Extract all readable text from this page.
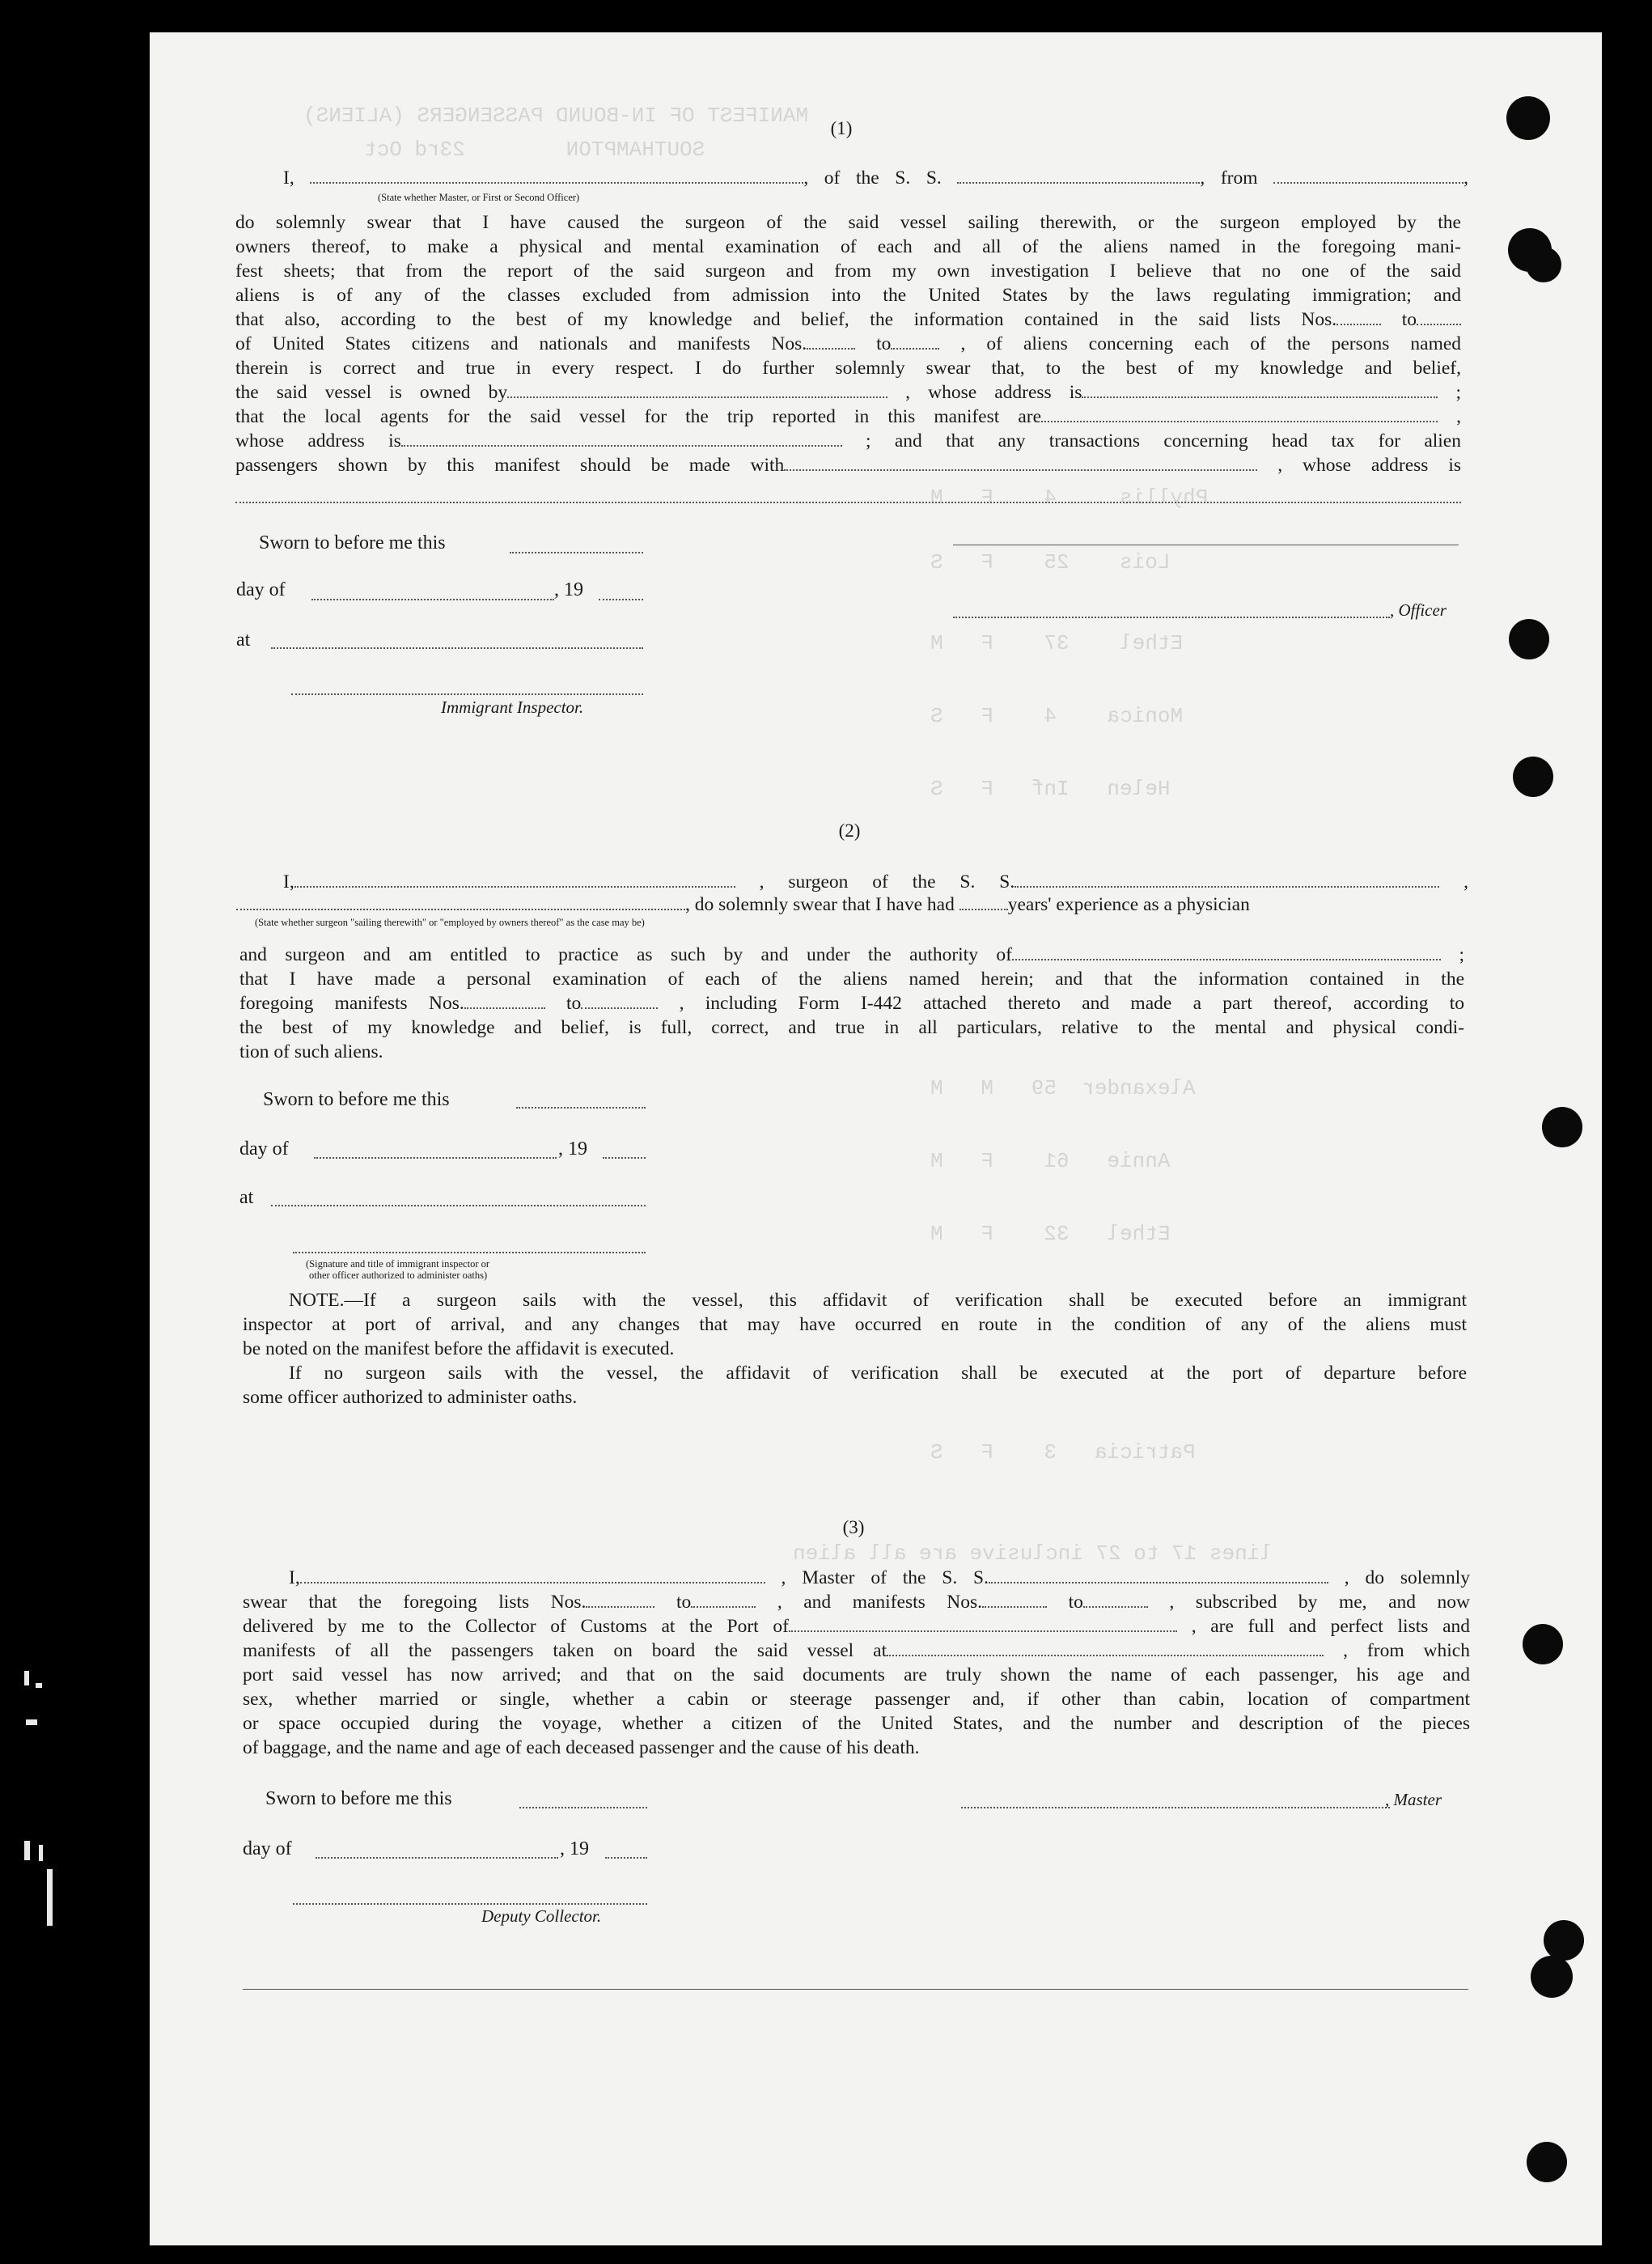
MANIFEST OF IN-BOUND PASSENGERS (ALIENS)
SOUTHAMPTON        23rd Oct
Phyllis     4    F   M
Lois    25    F   S
Ethel    37    F   M
Monica    4    F   S
Helen   Inf   F   S
Alexander  59   M   M
Annie   61    F   M
Ethel   32    F   M
Patricia   3    F   S
lines 17 to 27 inclusive are all alien
(1)
I,	, of the S. S.	, from	,
(State whether Master, or First or Second Officer)
do solemnly swear that I have caused the surgeon of the said vessel sailing therewith, or the surgeon employed by the
owners thereof, to make a physical and mental examination of each and all of the aliens named in the foregoing mani-
fest sheets; that from the report of the said surgeon and from my own investigation I believe that no one of the said
aliens is of any of the classes excluded from admission into the United States by the laws regulating immigration; and
that also, according to the best of my knowledge and belief, the information contained in the said lists Nos.	to
of United States citizens and nationals and manifests Nos.	to	, of aliens concerning each of the persons named
therein is correct and true in every respect. I do further solemnly swear that, to the best of my knowledge and belief,
the said vessel is owned by	, whose address is	;
that the local agents for the said vessel for the trip reported in this manifest are	,
whose address is	; and that any transactions concerning head tax for alien
passengers shown by this manifest should be made with	, whose address is
Sworn to before me this
day of	, 19
, Officer
at
Immigrant Inspector.
(2)
I,	, surgeon of the S. S.	,
, do solemnly swear that I have had	years' experience as a physician
(State whether surgeon "sailing therewith" or "employed by owners thereof" as the case may be)
and surgeon and am entitled to practice as such by and under the authority of	;
that I have made a personal examination of each of the aliens named herein; and that the information contained in the
foregoing manifests Nos.	to	, including Form I-442 attached thereto and made a part thereof, according to
the best of my knowledge and belief, is full, correct, and true in all particulars, relative to the mental and physical condi-
tion of such aliens.
Sworn to before me this
day of	, 19
at
(Signature and title of immigrant inspector or
other officer authorized to administer oaths)
NOTE.—If a surgeon sails with the vessel, this affidavit of verification shall be executed before an immigrant
inspector at port of arrival, and any changes that may have occurred en route in the condition of any of the aliens must
be noted on the manifest before the affidavit is executed.
If no surgeon sails with the vessel, the affidavit of verification shall be executed at the port of departure before
some officer authorized to administer oaths.
(3)
I,	, Master of the S. S.	, do solemnly
swear that the foregoing lists Nos.	to	, and manifests Nos.	to	, subscribed by me, and now
delivered by me to the Collector of Customs at the Port of	, are full and perfect lists and
manifests of all the passengers taken on board the said vessel at	, from which
port said vessel has now arrived; and that on the said documents are truly shown the name of each passenger, his age and
sex, whether married or single, whether a cabin or steerage passenger and, if other than cabin, location of compartment
or space occupied during the voyage, whether a citizen of the United States, and the number and description of the pieces
of baggage, and the name and age of each deceased passenger and the cause of his death.
Sworn to before me this	, Master
day of	, 19
Deputy Collector.
